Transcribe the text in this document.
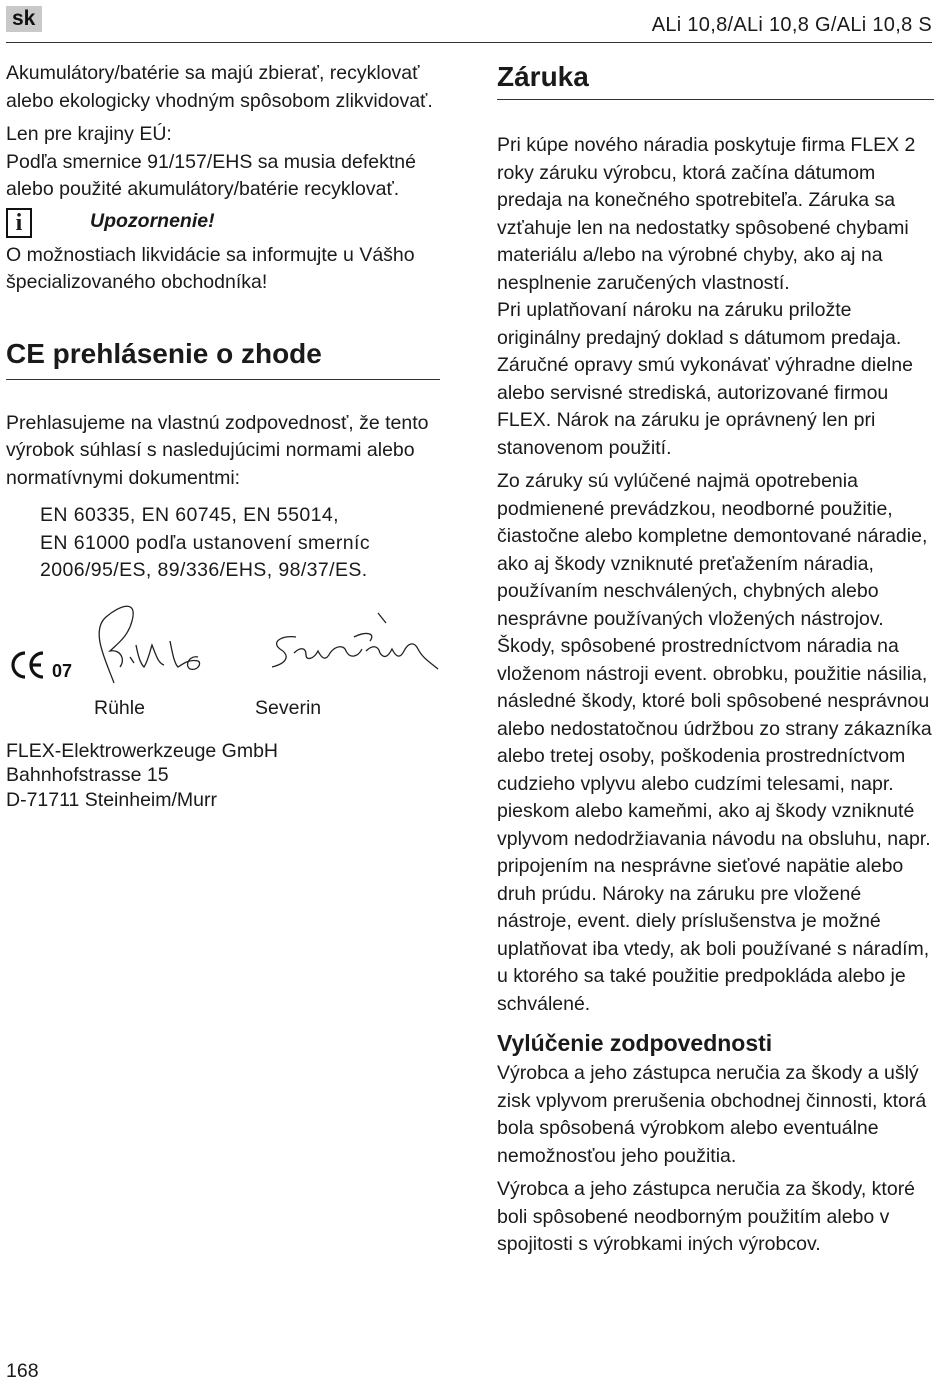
sk	ALi 10,8/ALi 10,8 G/ALi 10,8 S

Akumulátory/batérie sa majú zbierať, recyklovať alebo ekologicky vhodným spôsobom zlikvidovať.

Len pre krajiny EÚ:

Podľa smernice 91/157/EHS sa musia defektné alebo použité akumulátory/batérie recyklovať.

i	Upozornenie!

O možnostiach likvidácie sa informujte u Vášho špecializovaného obchodníka!

CE prehlásenie o zhode

Prehlasujeme na vlastnú zodpovednosť, že tento výrobok súhlasí s nasledujúcimi normami alebo normatívnymi dokumentmi:

EN 60335, EN 60745, EN 55014,
EN 61000 podľa ustanovení smerníc
2006/95/ES, 89/336/EHS, 98/37/ES.
07
Rühle	Severin
FLEX-Elektrowerkzeuge GmbH
Bahnhofstrasse 15
D-71711 Steinheim/Murr
Záruka

Pri kúpe nového náradia poskytuje firma FLEX 2 roky záruku výrobcu, ktorá začína dátumom predaja na konečného spotrebiteľa. Záruka sa vzťahuje len na nedostatky spôsobené chybami materiálu a/lebo na výrobné chyby, ako aj na nesplnenie zaručených vlastností.

Pri uplatňovaní nároku na záruku priložte originálny predajný doklad s dátumom predaja. Záručné opravy smú vykonávať výhradne dielne alebo servisné strediská, autorizované firmou FLEX. Nárok na záruku je oprávnený len pri stanovenom použití.

Zo záruky sú vylúčené najmä opotrebenia podmienené prevádzkou, neodborné použitie, čiastočne alebo kompletne demontované náradie, ako aj škody vzniknuté preťažením náradia, používaním neschválených, chybných alebo nesprávne používaných vložených nástrojov. Škody, spôsobené prostredníctvom náradia na vloženom nástroji event. obrobku, použitie násilia, následné škody, ktoré boli spôsobené nesprávnou alebo nedostatočnou údržbou zo strany zákazníka alebo tretej osoby, poškodenia prostredníctvom cudzieho vplyvu alebo cudzími telesami, napr. pieskom alebo kameňmi, ako aj škody vzniknuté vplyvom nedodržiavania návodu na obsluhu, napr. pripojením na nesprávne sieťové napätie alebo druh prúdu. Nároky na záruku pre vložené nástroje, event. diely príslušenstva je možné uplatňovat iba vtedy, ak boli používané s náradím, u ktorého sa také použitie predpokláda alebo je schválené.

Vylúčenie zodpovednosti

Výrobca a jeho zástupca neručia za škody a ušlý zisk vplyvom prerušenia obchodnej činnosti, ktorá bola spôsobená výrobkom alebo eventuálne nemožnosťou jeho použitia.

Výrobca a jeho zástupca neručia za škody, ktoré boli spôsobené neodborným použitím alebo v spojitosti s výrobkami iných výrobcov.

168
